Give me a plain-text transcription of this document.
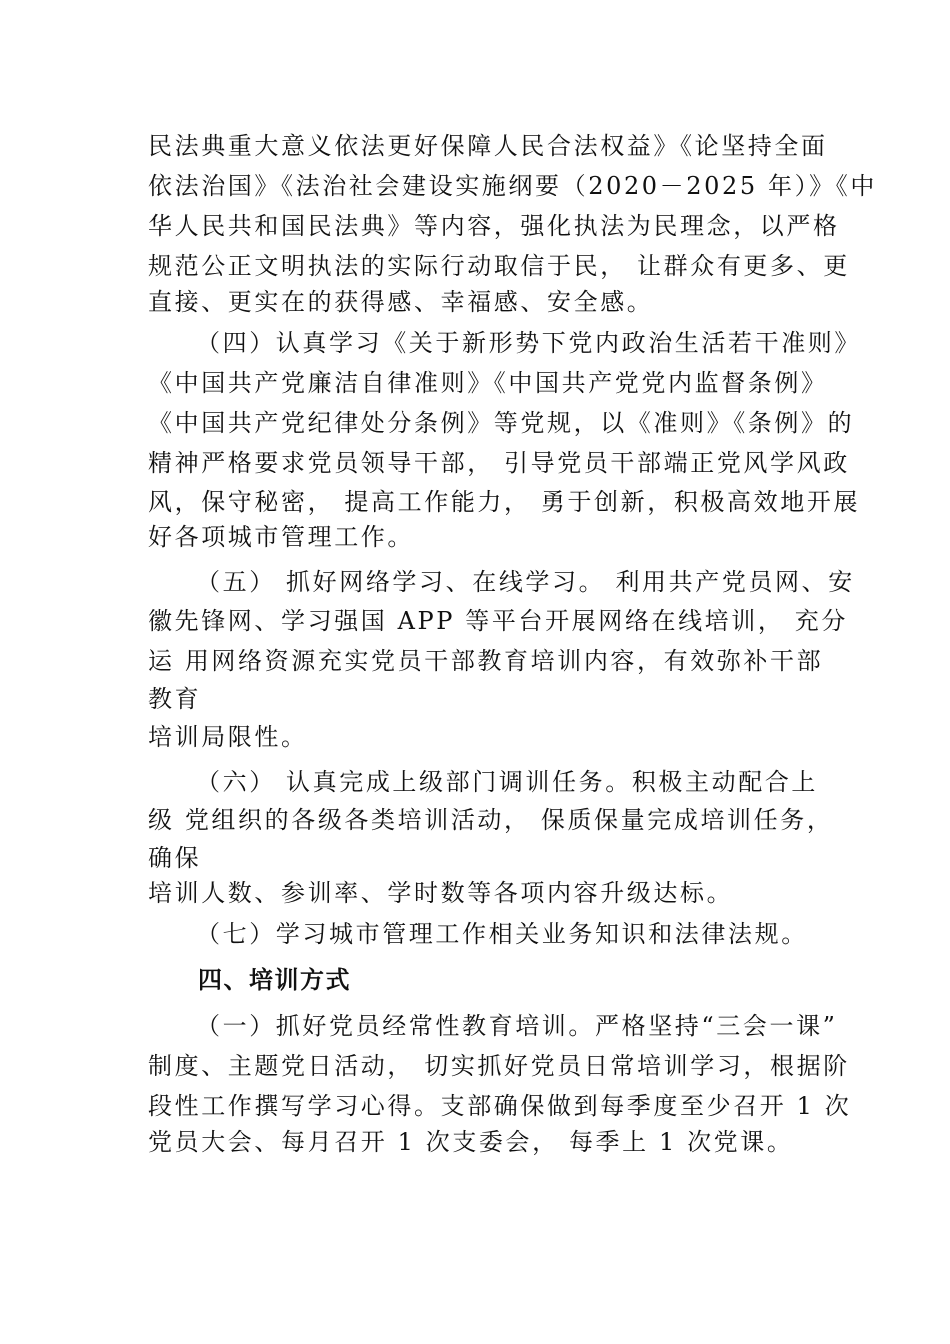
民法典重大意义依法更好保障人民合法权益》《论坚持全面
依法治国》《法治社会建设实施纲要（2020－2025 年）》《中
华人民共和国民法典》等内容，强化执法为民理念，以严格
规范公正文明执法的实际行动取信于民， 让群众有更多、更
直接、更实在的获得感、幸福感、安全感。
（四）认真学习《关于新形势下党内政治生活若干准则》
《中国共产党廉洁自律准则》《中国共产党党内监督条例》
《中国共产党纪律处分条例》等党规，以《准则》《条例》的
精神严格要求党员领导干部， 引导党员干部端正党风学风政
风，保守秘密， 提高工作能力， 勇于创新，积极高效地开展
好各项城市管理工作。
（五） 抓好网络学习、在线学习。 利用共产党员网、安
徽先锋网、学习强国 APP 等平台开展网络在线培训， 充分
运 用网络资源充实党员干部教育培训内容，有效弥补干部
教育
培训局限性。
（六） 认真完成上级部门调训任务。积极主动配合上
级 党组织的各级各类培训活动， 保质保量完成培训任务，
确保
培训人数、参训率、学时数等各项内容升级达标。
（七）学习城市管理工作相关业务知识和法律法规。
四、培训方式
（一）抓好党员经常性教育培训。严格坚持“三会一课”
制度、主题党日活动， 切实抓好党员日常培训学习，根据阶
段性工作撰写学习心得。支部确保做到每季度至少召开 1 次
党员大会、每月召开 1 次支委会， 每季上 1 次党课。
